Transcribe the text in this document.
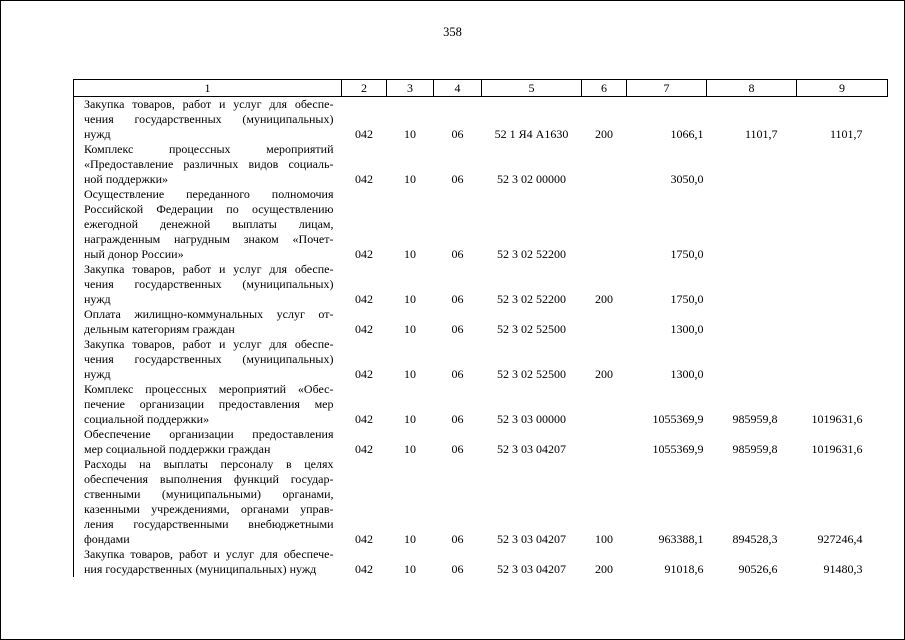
358
1	2	3	4	5	6	7	8	9

Закупка товаров, работ и услуг для обеспе-
чения государственных (муниципальных)
нужд	042	10	06	52 1 Я4 А1630	200	1066,1	1101,7	1101,7

Комплекс процессных мероприятий
«Предоставление различных видов социаль-
ной поддержки»	042	10	06	52 3 02 00000		3050,0		

Осуществление переданного полномочия
Российской Федерации по осуществлению
ежегодной денежной выплаты лицам,
награжденным нагрудным знаком «Почет-
ный донор России»	042	10	06	52 3 02 52200		1750,0		

Закупка товаров, работ и услуг для обеспе-
чения государственных (муниципальных)
нужд	042	10	06	52 3 02 52200	200	1750,0		

Оплата жилищно-коммунальных услуг от-
дельным категориям граждан	042	10	06	52 3 02 52500		1300,0		

Закупка товаров, работ и услуг для обеспе-
чения государственных (муниципальных)
нужд	042	10	06	52 3 02 52500	200	1300,0		

Комплекс процессных мероприятий «Обес-
печение организации предоставления мер
социальной поддержки»	042	10	06	52 3 03 00000		1055369,9	985959,8	1019631,6

Обеспечение организации предоставления
мер социальной поддержки граждан	042	10	06	52 3 03 04207		1055369,9	985959,8	1019631,6

Расходы на выплаты персоналу в целях
обеспечения выполнения функций государ-
ственными (муниципальными) органами,
казенными учреждениями, органами управ-
ления государственными внебюджетными
фондами	042	10	06	52 3 03 04207	100	963388,1	894528,3	927246,4

Закупка товаров, работ и услуг для обеспече-
ния государственных (муниципальных) нужд	042	10	06	52 3 03 04207	200	91018,6	90526,6	91480,3
